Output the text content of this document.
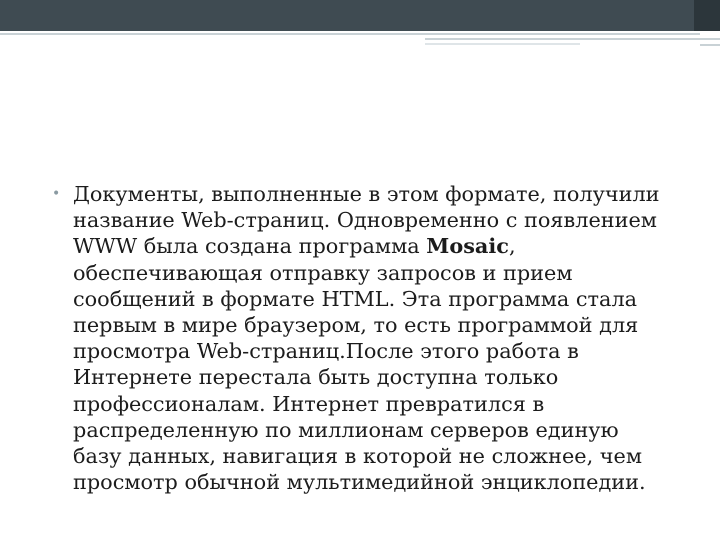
• Документы, выполненные в этом формате, получили
название Web-страниц. Одновременно с появлением
WWW была создана программа Mosaic,
обеспечивающая отправку запросов и прием
сообщений в формате HTML. Эта программа стала
первым в мире браузером, то есть программой для
просмотра Web-страниц.После этого работа в
Интернете перестала быть доступна только
профессионалам. Интернет превратился в
распределенную по миллионам серверов единую
базу данных, навигация в которой не сложнее, чем
просмотр обычной мультимедийной энциклопедии.
